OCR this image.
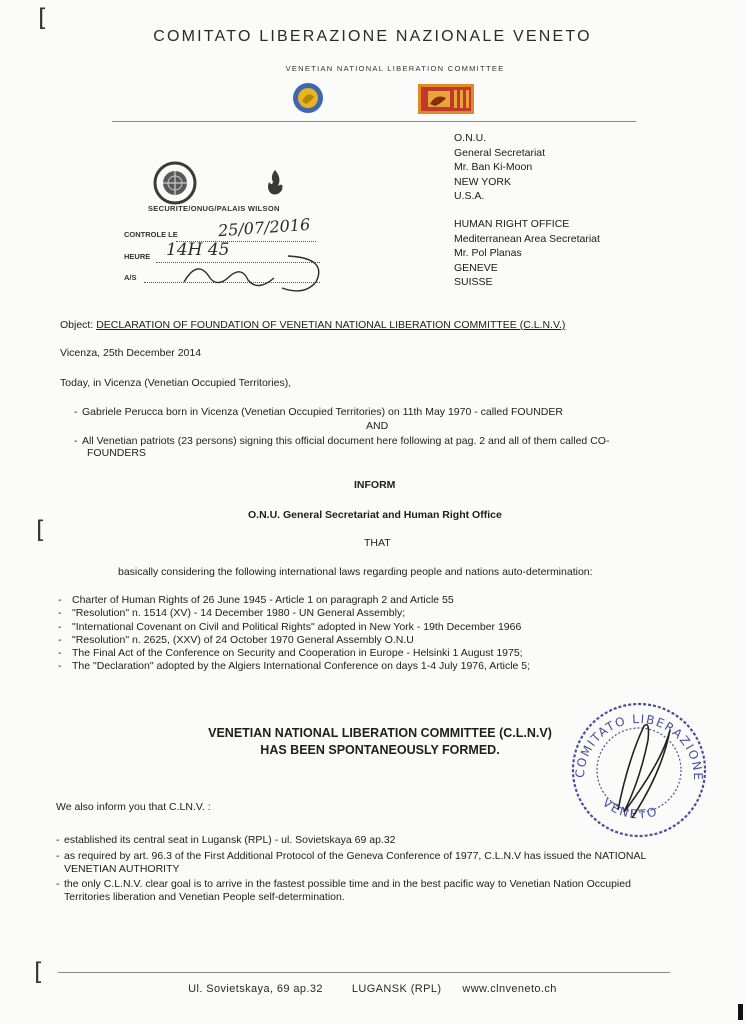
[
[
[
COMITATO LIBERAZIONE NAZIONALE VENETO
VENETIAN NATIONAL LIBERATION COMMITTEE
O.N.U.
General Secretariat
Mr. Ban Ki-Moon
NEW YORK
U.S.A.
HUMAN RIGHT OFFICE
Mediterranean Area Secretariat
Mr. Pol Planas
GENEVE
SUISSE
SECURITE/ONUG/PALAIS WILSON
CONTROLE LE 25/07/2016
HEURE 14H 45
A/S
Object: DECLARATION OF FOUNDATION OF VENETIAN NATIONAL LIBERATION COMMITTEE (C.L.N.V.)
Vicenza, 25th December 2014
Today, in Vicenza (Venetian Occupied Territories),
- Gabriele Perucca born in Vicenza (Venetian Occupied Territories) on 11th May 1970 - called FOUNDER
AND
- All Venetian patriots (23 persons) signing this official document here following at pag. 2 and all of them called CO-
FOUNDERS
INFORM
O.N.U. General Secretariat and Human Right Office
THAT
basically considering the following international laws regarding people and nations auto-determination:
- Charter of Human Rights of 26 June 1945 - Article 1 on paragraph 2 and Article 55
- "Resolution" n. 1514 (XV) - 14 December 1980 - UN General Assembly;
- "International Covenant on Civil and Political Rights" adopted in New York - 19th December 1966
- "Resolution" n. 2625, (XXV) of 24 October 1970 General Assembly O.N.U
- The Final Act of the Conference on Security and Cooperation in Europe - Helsinki 1 August 1975;
- The "Declaration" adopted by the Algiers International Conference on days 1-4 July 1976, Article 5;
VENETIAN NATIONAL LIBERATION COMMITTEE (C.L.N.V)
HAS BEEN SPONTANEOUSLY FORMED.
COMITATO LIBERAZIONE
VENETO
We also inform you that C.LN.V. :
- established its central seat in Lugansk (RPL) - ul. Sovietskaya 69 ap.32
- as required by art. 96.3 of the First Additional Protocol of the Geneva Conference of 1977, C.L.N.V has issued the NATIONAL
VENETIAN AUTHORITY
- the only C.L.N.V. clear goal is to arrive in the fastest possible time and in the best pacific way to Venetian Nation Occupied
Territories liberation and Venetian People self-determination.
Ul. Sovietskaya, 69 ap.32	LUGANSK (RPL) www.clnveneto.ch
